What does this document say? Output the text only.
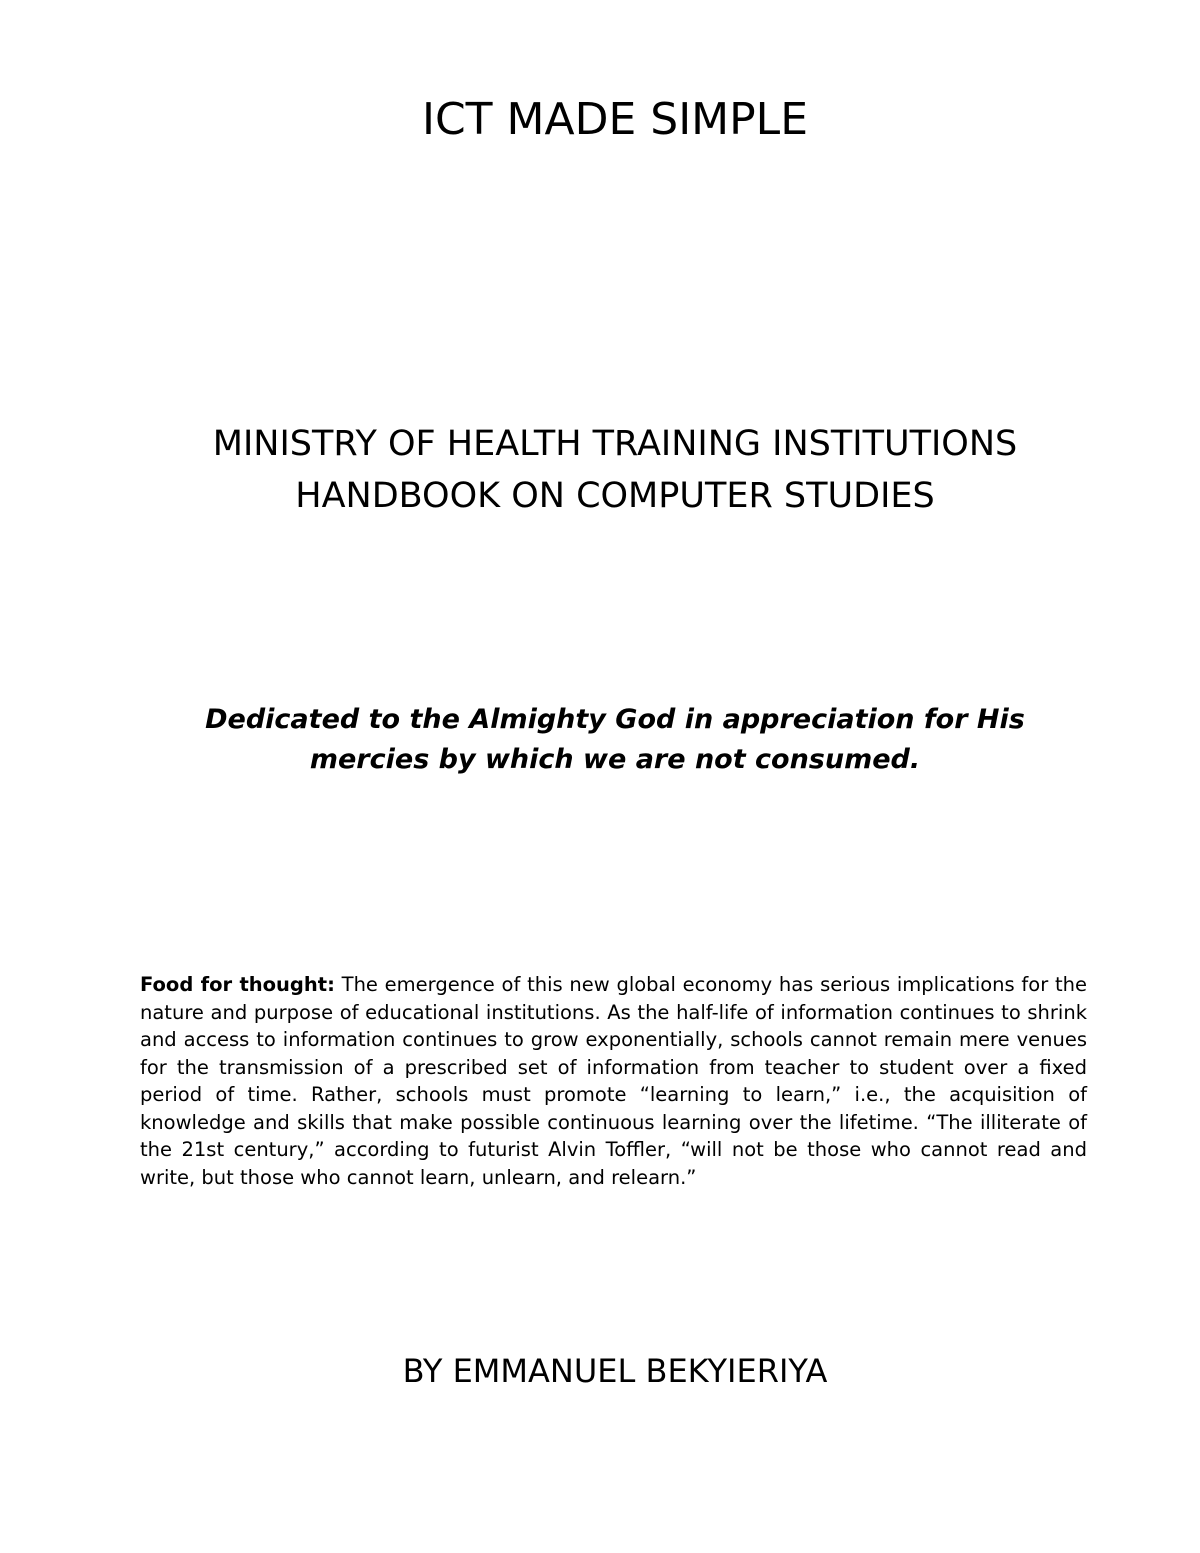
ICT MADE SIMPLE
MINISTRY OF HEALTH TRAINING INSTITUTIONS
HANDBOOK ON COMPUTER STUDIES

Dedicated to the Almighty God in appreciation for His
mercies by which we are not consumed.

Food for thought: The emergence of this new global economy has serious implications for the nature and purpose of educational institutions. As the half-life of information continues to shrink and access to information continues to grow exponentially, schools cannot remain mere venues for the transmission of a prescribed set of information from teacher to student over a fixed period of time. Rather, schools must promote “learning to learn,” i.e., the acquisition of knowledge and skills that make possible continuous learning over the lifetime. “The illiterate of the 21st century,” according to futurist Alvin Toffler, “will not be those who cannot read and write, but those who cannot learn, unlearn, and relearn.”

BY EMMANUEL BEKYIERIYA
